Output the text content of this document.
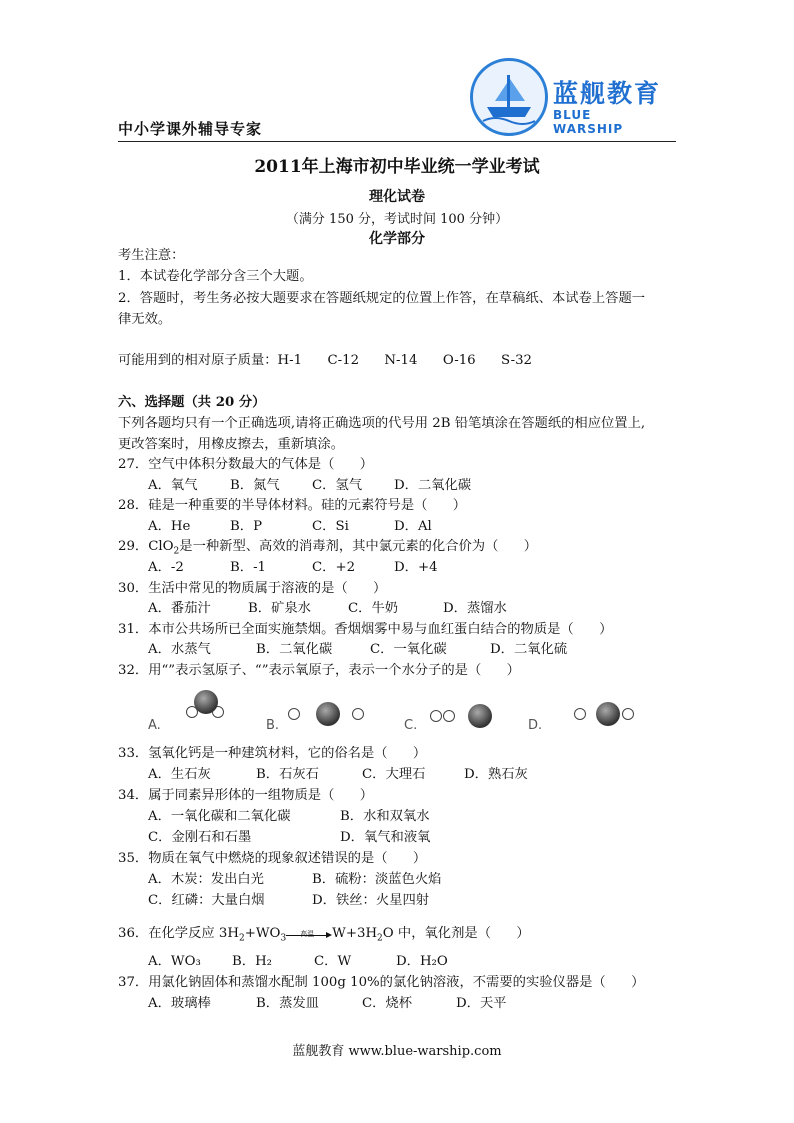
蓝舰教育
BLUE WARSHIP
中小学课外辅导专家
2011年上海市初中毕业统一学业考试
理化试卷
（满分 150 分，考试时间 100 分钟）
化学部分
考生注意：
1．本试卷化学部分含三个大题。
2．答题时，考生务必按大题要求在答题纸规定的位置上作答，在草稿纸、本试卷上答题一
律无效。
可能用到的相对原子质量：H-1      C-12      N-14      O-16      S-32
六、选择题（共 20 分）
下列各题均只有一个正确选项,请将正确选项的代号用 2B 铅笔填涂在答题纸的相应位置上,
更改答案时，用橡皮擦去，重新填涂。
27．空气中体积分数最大的气体是（      ）
A．氧气 B．氮气 C．氢气 D．二氧化碳
28．硅是一种重要的半导体材料。硅的元素符号是（      ）
A．He	B．P	C．Si	D．Al
29．ClO$_2$是一种新型、高效的消毒剂，其中氯元素的化合价为（      ）
A．-2	B．-1	C．+2	D．+4
30．生活中常见的物质属于溶液的是（      ）
A．番茄汁	B．矿泉水	C．牛奶	D．蒸馏水
31．本市公共场所已全面实施禁烟。香烟烟雾中易与血红蛋白结合的物质是（      ）
A．水蒸气	B．二氧化碳	C．一氧化碳	D．二氧化硫
32．用“”表示氢原子、“”表示氧原子，表示一个水分子的是（      ）
A.	B.	C.	D.
33．氢氧化钙是一种建筑材料，它的俗名是（      ）
A．生石灰	B．石灰石	C．大理石	D．熟石灰
34．属于同素异形体的一组物质是（      ）
A．一氧化碳和二氧化碳	B．水和双氧水
C．金刚石和石墨	D．氧气和液氧
35．物质在氧气中燃烧的现象叙述错误的是（      ）
A．木炭：发出白光	B．硫粉：淡蓝色火焰
C．红磷：大量白烟	D．铁丝：火星四射
36．在化学反应 $3H_2+WO_3$
高温 $W+3H_2O$ 中，氧化剂是（      ）
A．WO₃ B．H₂	C．W	D．H₂O
37．用氯化钠固体和蒸馏水配制 100g 10%的氯化钠溶液，不需要的实验仪器是（      ）
A．玻璃棒	B．蒸发皿	C．烧杯	D．天平
蓝舰教育 www.blue-warship.com
